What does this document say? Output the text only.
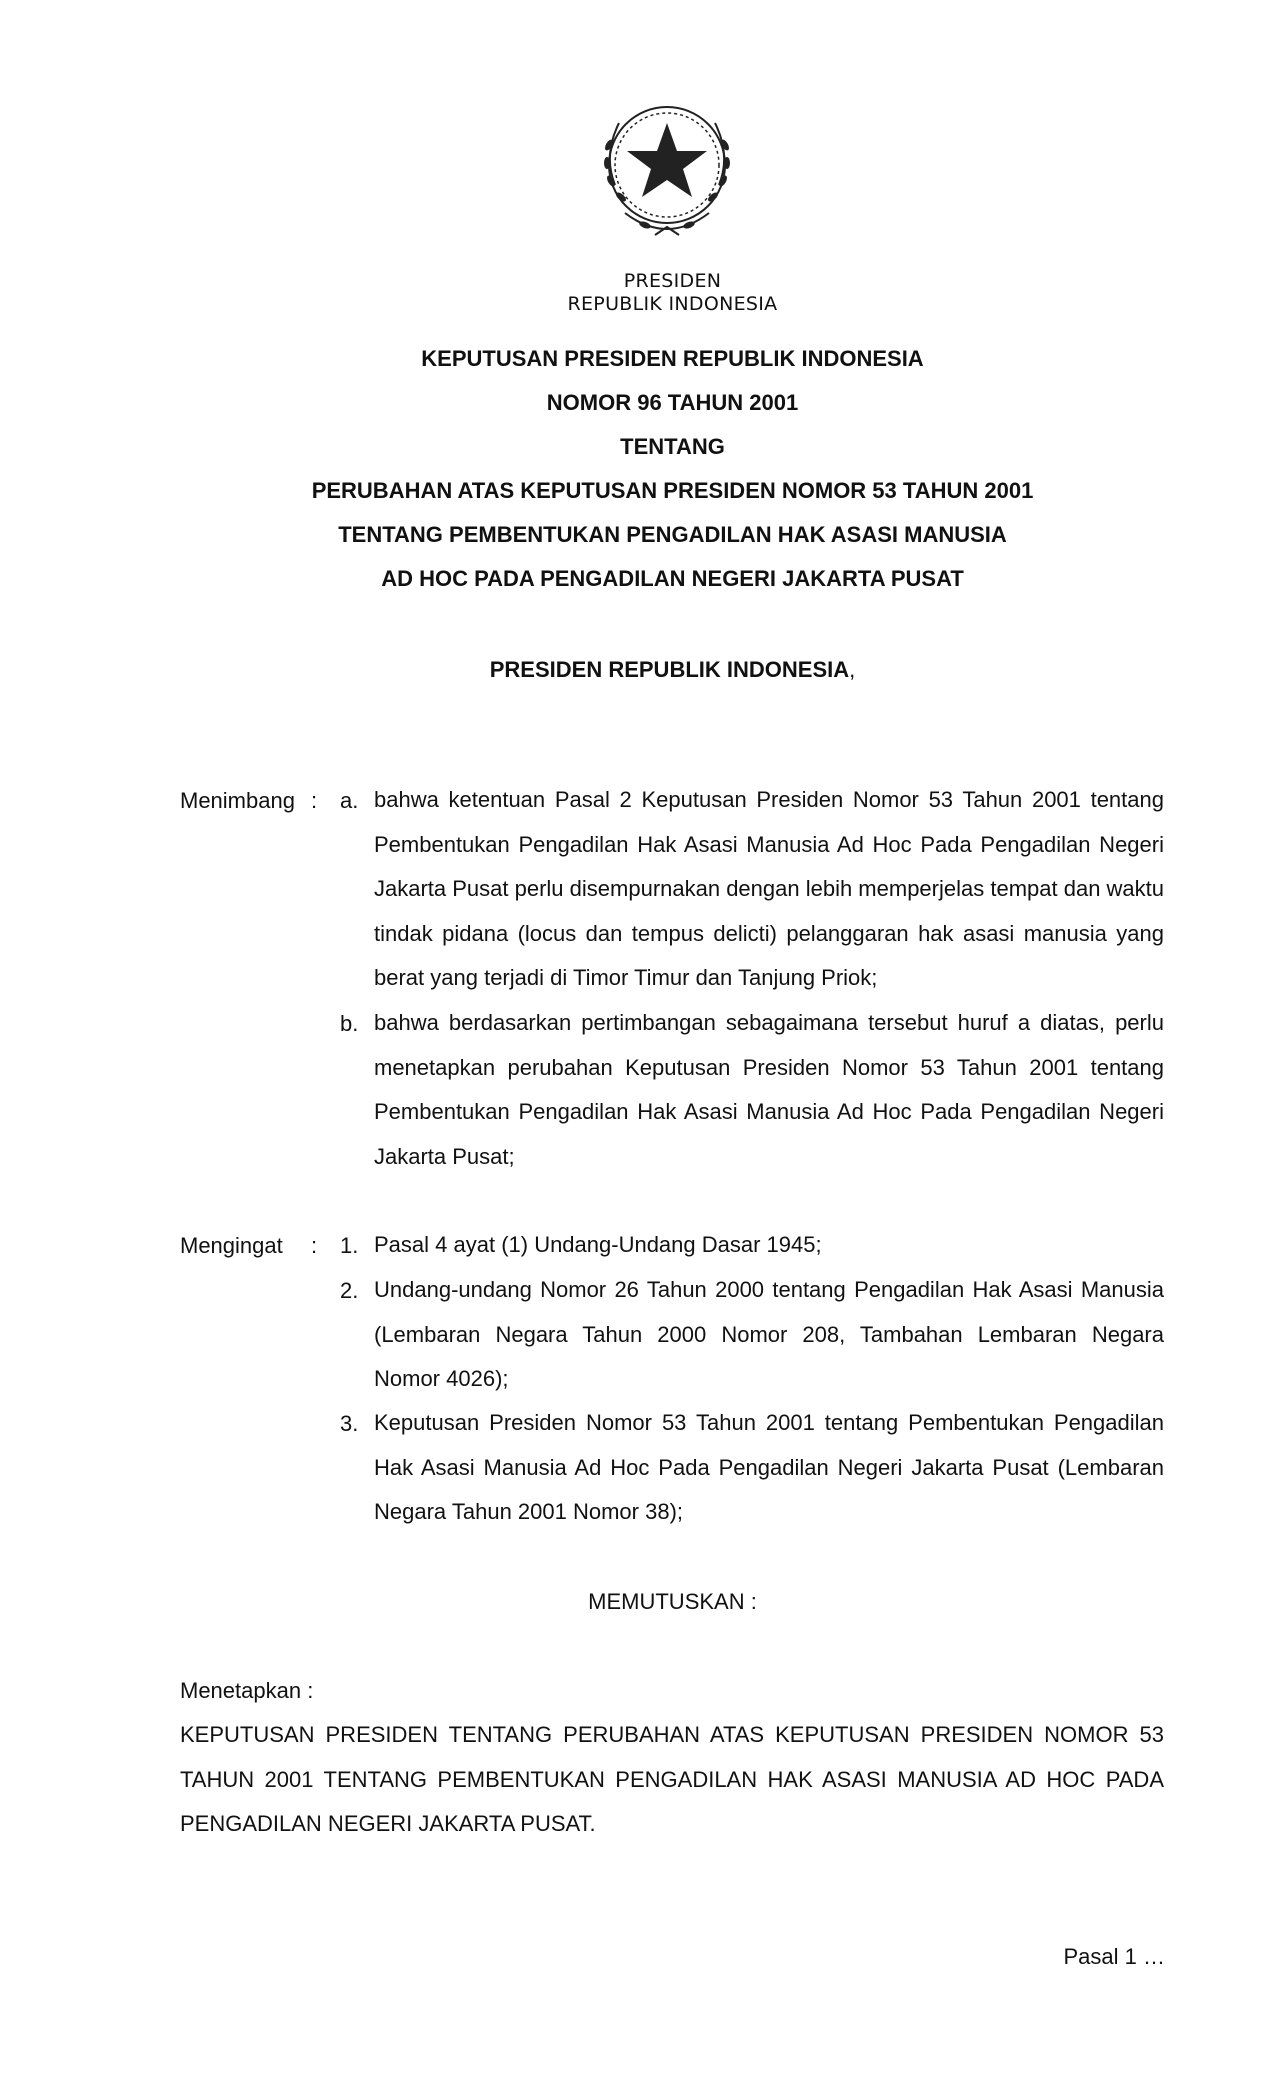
PRESIDEN
REPUBLIK INDONESIA
KEPUTUSAN PRESIDEN REPUBLIK INDONESIA
NOMOR 96 TAHUN 2001
TENTANG
PERUBAHAN ATAS KEPUTUSAN PRESIDEN NOMOR 53 TAHUN 2001
TENTANG PEMBENTUKAN PENGADILAN HAK ASASI MANUSIA
AD HOC PADA PENGADILAN NEGERI JAKARTA PUSAT
PRESIDEN REPUBLIK INDONESIA,
Menimbang : a. bahwa ketentuan Pasal 2 Keputusan Presiden Nomor 53 Tahun 2001 tentang Pembentukan Pengadilan Hak Asasi Manusia Ad Hoc Pada Pengadilan Negeri Jakarta Pusat perlu disempurnakan dengan lebih memperjelas tempat dan waktu tindak pidana (locus dan tempus delicti) pelanggaran hak asasi manusia yang berat yang terjadi di Timor Timur dan Tanjung Priok;
b. bahwa berdasarkan pertimbangan sebagaimana tersebut huruf a diatas, perlu menetapkan perubahan Keputusan Presiden Nomor 53 Tahun 2001 tentang Pembentukan Pengadilan Hak Asasi Manusia Ad Hoc Pada Pengadilan Negeri Jakarta Pusat;
Mengingat : 1. Pasal 4 ayat (1) Undang-Undang Dasar 1945;
2. Undang-undang Nomor 26 Tahun 2000 tentang Pengadilan Hak Asasi Manusia (Lembaran Negara Tahun 2000 Nomor 208, Tambahan Lembaran Negara Nomor 4026);
3. Keputusan Presiden Nomor 53 Tahun 2001 tentang Pembentukan Pengadilan Hak Asasi Manusia Ad Hoc Pada Pengadilan Negeri Jakarta Pusat (Lembaran Negara Tahun 2001 Nomor 38);
MEMUTUSKAN :
Menetapkan :
KEPUTUSAN PRESIDEN TENTANG PERUBAHAN ATAS KEPUTUSAN PRESIDEN NOMOR 53 TAHUN 2001 TENTANG PEMBENTUKAN PENGADILAN HAK ASASI MANUSIA AD HOC PADA PENGADILAN NEGERI JAKARTA PUSAT.
Pasal 1 …
